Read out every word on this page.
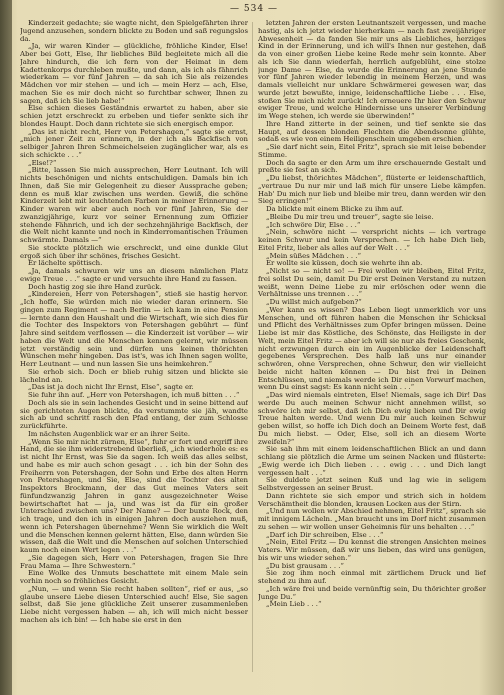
— 534 —

Kinderzeit gedachte; sie wagte nicht, den Spielgefährten ihrer Jugend anzusehen, sondern blickte zu Boden und saß regungslos da.

„Ja, wir waren Kinder — glückliche, fröhliche Kinder, Else! Aber bei Gott, Else, Ihr liebliches Bild begleitete mich all die Jahre hindurch, die ich fern von der Heimat in dem Kadettenkorps durchleben mußte, und dann, als ich als fähnrich wiederkam — vor fünf Jahren — da sah ich Sie als reizendes Mädchen vor mir stehen — und ich — mein Herz — ach, Else, machen Sie es mir doch nicht so furchtbar schwer, Ihnen zu sagen, daß ich Sie lieb habe!“

Else schien dieses Geständnis erwartet zu haben, aber sie schien jetzt erschreckt zu erbeben und tiefer senkte sich ihr blondes Haupt. Doch dann richtete sie sich energisch empor.

„Das ist nicht recht, Herr von Petershagen,“ sagte sie ernst, „mich jener Zeit zu erinnern, in der ich als Backfisch von selbiger Jahren Ihren Schmeichelseien zugänglicher war, als es sich schickte . . .“

„Else!?“

„Bitte, lassen Sie mich aussprechen, Herr Leutnant. Ich will nichts beschönigen und nichts entschuldigen. Damals bin ich Ihnen, daß Sie mir Gelegenheit zu dieser Aussprache geben; denn es muß klar zwischen uns werden. Gewiß, die schöne Kinderzeit lebt mit leuchtenden Farben in meiner Erinnerung — Kinder waren wir aber auch noch vor fünf Jahren, Sie der zwanzigjährige, kurz vor seiner Ernennung zum Offizier stehende Fähnrich, und ich der sechzehnjährige Backfisch, der die Welt nicht kannte und noch in Kinderromantischen Träumen schwärmte. Damals —“

Sie stockte plötzlich wie erschreckt, und eine dunkle Glut ergoß sich über ihr schönes, frisches Gesicht.

Er lächelte spöttisch.

„Ja, damals schwuren wir uns an diesem nämlichen Platz ewige Treue . . .“ sagte er und versuchte ihre Hand zu fassen.

Doch hastig zog sie ihre Hand zurück.

„Kindereien, Herr von Petershagen“, stieß sie hastig hervor. „Ich hoffe, Sie würden mich nie wieder daran erinnern. Sie gingen zum Regiment — nach Berlin — ich kam in eine Pension — lernte dann den Haushalt und die Wirtschaft, wie sich dies für die Tochter des Inspektors von Petershagen gebührt — fünf Jahre sind seitdem verflossen — die Kinderzeit ist vorüber — wir haben die Welt und die Menschen kennen gelernt, wir müssen jetzt verständig sein und dürfen uns keinen thörichten Wünschen mehr hingeben. Das ist's, was ich Ihnen sagen wollte, Herr Leutnant — und nun lassen Sie uns heimkehren.“

Sie erhob sich. Doch er blieb ruhig sitzen und blickte sie lächelnd an.

„Das ist ja doch nicht Ihr Ernst, Else“, sagte er.

Sie fuhr ihn auf. „Herr von Petershagen, ich muß bitten . . .“

Doch als sie in sein lachendes Gesicht und in seine bittend auf sie gerichteten Augen blickte, da verstummte sie jäh, wandte sich ab und schritt rasch den Pfad entlang, der zum Schlosse zurückführte.

Im nächsten Augenblick war er an ihrer Seite.

„Wenn Sie mir nicht zürnen, Else“, fuhr er fort und ergriff ihre Hand, die sie ihm widerstrebend überließ, „ich wiederhole es: es ist nicht Ihr Ernst, was Sie da sagen. Ich weiß das alles selbst, und habe es mir auch schon gesagt . . . ich bin der Sohn des Freiherrn von Petershagen, der Sohn und Erbe des alten Herrn von Petershagen, und Sie, Else, sind die Tochter des alten Inspektors Brockmann, der das Gut meines Vaters seit fünfundzwanzig Jahren in ganz ausgezeichneter Weise bewirtschaftet hat — ja, und was ist da für ein großer Unterschied zwischen uns? Der Name? — Der bunte Rock, den ich trage, und den ich in einigen Jahren doch ausziehen muß, wenn ich Petershagen übernehme? Wenn Sie wirklich die Welt und die Menschen kennen gelernt hätten, Else, dann würden Sie wissen, daß die Welt und die Menschen auf solchen Unterschied kaum noch einen Wert legen . . .“

„Sie dagegen sich, Herr von Petershagen, fragen Sie Ihre Frau Mama — Ihre Schwestern.“

Eine Wolke des Unmuts beschattete mit einem Male sein vorhin noch so fröhliches Gesicht.

„Nun, — und wenn Sie recht haben sollten“, rief er aus, „so glaube unsere Liebe diesen Unterschied auch! Else, Sie sagen selbst, daß Sie jene glückliche Zeit unserer zusammenleben Liebe nicht vergessen haben — ah, ich will mich nicht besser machen als ich bin! — Ich habe sie erst in den

letzten Jahren der ersten Leutnantszeit vergessen, und mache hastig, als ich jetzt wieder hierherkam — nach fast zweijähriger Abwesenheit — da fanden Sie mir uns als Liebliches, herziges Kind in der Erinnerung, und ich will's Ihnen nur gestehen, daß da von einer großen Liebe keine Rede mehr sein konnte. Aber als ich Sie dann wiederfah, herrlich aufgeblüht, eine stolze junge Dame — Else, da wurde die Erinnerung an jene Stunde vor fünf Jahren wieder lebendig in meinem Herzen, und was damals vielleicht nur unklare Schwärmerei gewesen war, das wurde jetzt bewußte, innige, leidenschaftliche Liebe . . . Else, stoßen Sie mich nicht zurück! Ich erneuere Ihr hier den Schwur ewiger Treue, und welche Hindernisse uns unserer Verbindung im Wege stehen, ich werde sie überwinden!“

Ihre Hand zitterte in der seinen, und tief senkte sie das Haupt, auf dessen blonden Flechten die Abendsonne glühte, sodaß es wie von einem Heiligenschein umgeben erschien.

„Sie darf nicht sein, Eitel Fritz“, sprach sie mit leise bebender Stimme.

Doch da sagte er den Arm um ihre erschauernde Gestalt und preßte sie fest an sich.

„Du liebst, thörichtes Mädchen“, flüsterte er leidenschaftlich, „vertraue Du nur mir und laß mich für unsere Liebe kämpfen. Hab' Du mich nur lieb und bleibe mir treu, dann werden wir den Sieg erringen!“

Da blickte mit einem Blicke zu ihm auf.

„Bleibe Du mir treu und treuer“, sagte sie leise.

„Ich schwöre Dir, Else . . .“

„Nein, schwöre nicht — verspricht nichts — ich vertrage keinen Schwur und kein Versprechen. — Ich habe Dich lieb, Eitel Fritz, lieber als alles auf der Welt . . .“

„Mein süßes Mädchen . . .“

Er wollte sie küssen, doch sie wehrte ihn ab.

„Nicht so — nicht so! — Frei wollen wir bleiben, Eitel Fritz, frei sollst Du sein, damit Du Dir erst Deinen Verstand zu nutzen weißt, wenn Deine Liebe zu mir erlöschen oder wenn die Verhältnisse uns trennen . . .“

„Du willst mich aufgeben?“

„Wer kann es wissen? Das Leben liegt unmerklich vor uns Menschen, und oft führen haben die Menschen ihr Schicksal und Pflicht des Verhältnisses zum Opfer bringen müssen. Deine Liebe ist mir das Köstliche, des Schönste, das Heiligste in der Welt, mein Eitel Fritz — aber ich will sie nur als freies Geschenk, nicht erzwungen durch ein im Augenblicke der Leidenschaft gegebenes Versprechen. Des halb laß uns nur einander schwören, ohne Versprechen, ohne Schwur, den wir vielleicht beide nicht halten können — Du bist frei in Deinen Entschlüssen, und niemals werde ich Dir einen Vorwurf machen, wenn Du einst sagst: Es kann nicht sein . . .“

„Das wird niemals eintreten, Else! Niemals, sage ich Dir! Das werde Du auch meinen Schwur nicht annehmen willst, so schwöre ich mir selbst, daß ich Dich ewig lieben und Dir ewig Treue halten werde. Und wenn Du mir auch keinen Schwur geben willst, so hoffe ich Dich doch an Deinem Worte fest, daß Du mich liebst. — Oder, Else, soll ich an diesem Worte zweifeln?“

Sie sah ihm mit einem leidenschaftlichen Blick an und dann schlang sie plötzlich die Arme um seinen Nacken und flüsterte: „Ewig werde ich Dich lieben . . . ewig . . . und Dich langt vergessen halt . . .“

Sie duldete jetzt seinen Kuß und lag wie in seligem Selbstvergessen an seiner Brust.

Dann richtete sie sich empor und strich sich in holdem Verschämtheit die blonden, krausen Locken aus der Stirn.

„Und nun wollen wir Abschied nehmen, Eitel Fritz“, sprach sie mit innigem Lächeln. „Man braucht uns im Dorf nicht zusammen zu sehen — wir wollen unser Geheimnis für uns behalten . . .“

„Darf ich Dir schreiben, Else . . .“

„Nein, Eitel Fritz — Du kennst die strengen Ansichten meines Vaters. Wir müssen, daß wir uns lieben, das wird uns genügen, bis wir uns wieder sehen.“

„Du bist grausam . . .“

Sie zog ihm noch einmal mit zärtlichem Druck und lief stehend zu ihm auf.

„Ich wäre frei und beide vernünftig sein, Du thörichter großer Junge Du.“

„Mein Lieb . . .“
